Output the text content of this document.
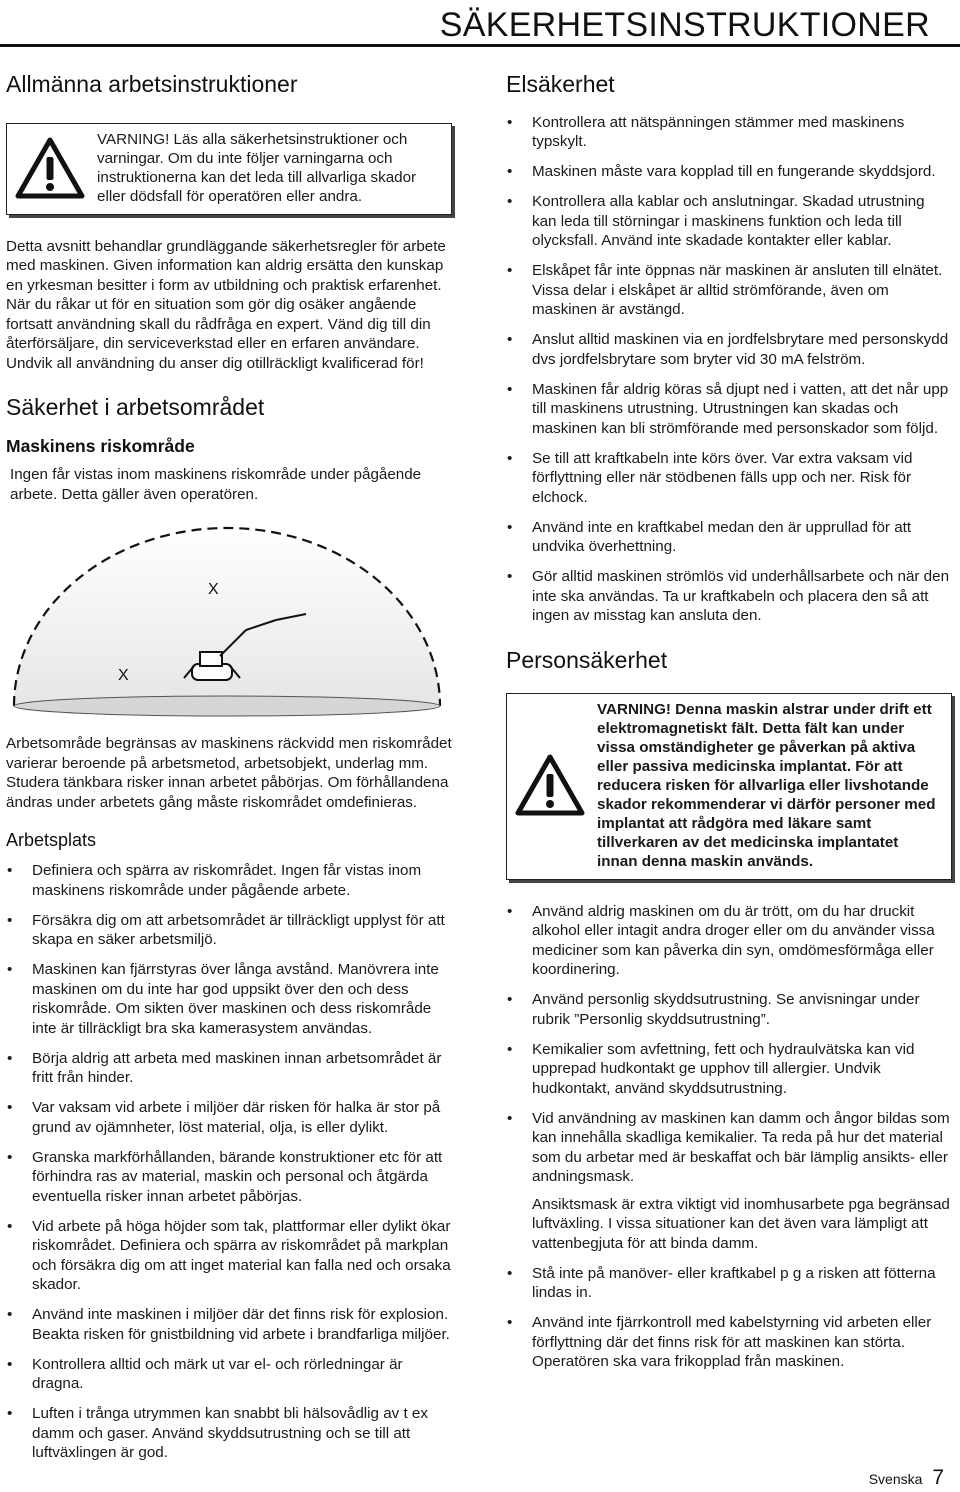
SÄKERHETSINSTRUKTIONER
Allmänna arbetsinstruktioner
VARNING! Läs alla säkerhetsinstruktioner och varningar. Om du inte följer varningarna och instruktionerna kan det leda till allvarliga skador eller dödsfall för operatören eller andra.

Detta avsnitt behandlar grundläggande säkerhetsregler för arbete med maskinen. Given information kan aldrig ersätta den kunskap en yrkesman besitter i form av utbildning och praktisk erfarenhet. När du råkar ut för en situation som gör dig osäker angående fortsatt användning skall du rådfråga en expert. Vänd dig till din återförsäljare, din serviceverkstad eller en erfaren användare. Undvik all användning du anser dig otillräckligt kvalificerad för!

Säkerhet i arbetsområdet
Maskinens riskområde

Ingen får vistas inom maskinens riskområde under pågående arbete. Detta gäller även operatören.

X
X

Arbetsområde begränsas av maskinens räckvidd men riskområdet varierar beroende på arbetsmetod, arbetsobjekt, underlag mm. Studera tänkbara risker innan arbetet påbörjas. Om förhållandena ändras under arbetets gång måste riskområdet omdefinieras.

Arbetsplats
• Definiera och spärra av riskområdet. Ingen får vistas inom maskinens riskområde under pågående arbete.
• Försäkra dig om att arbetsområdet är tillräckligt upplyst för att skapa en säker arbetsmiljö.
• Maskinen kan fjärrstyras över långa avstånd. Manövrera inte maskinen om du inte har god uppsikt över den och dess riskområde. Om sikten över maskinen och dess riskområde inte är tillräckligt bra ska kamerasystem användas.
• Börja aldrig att arbeta med maskinen innan arbetsområdet är fritt från hinder.
• Var vaksam vid arbete i miljöer där risken för halka är stor på grund av ojämnheter, löst material, olja, is eller dylikt.
• Granska markförhållanden, bärande konstruktioner etc för att förhindra ras av material, maskin och personal och åtgärda eventuella risker innan arbetet påbörjas.
• Vid arbete på höga höjder som tak, plattformar eller dylikt ökar riskområdet. Definiera och spärra av riskområdet på markplan och försäkra dig om att inget material kan falla ned och orsaka skador.
• Använd inte maskinen i miljöer där det finns risk för explosion. Beakta risken för gnistbildning vid arbete i brandfarliga miljöer.
• Kontrollera alltid och märk ut var el- och rörledningar är dragna.
• Luften i trånga utrymmen kan snabbt bli hälsovådlig av t ex damm och gaser. Använd skyddsutrustning och se till att luftväxlingen är god.
Elsäkerhet
• Kontrollera att nätspänningen stämmer med maskinens typskylt.
• Maskinen måste vara kopplad till en fungerande skyddsjord.
• Kontrollera alla kablar och anslutningar. Skadad utrustning kan leda till störningar i maskinens funktion och leda till olycksfall. Använd inte skadade kontakter eller kablar.
• Elskåpet får inte öppnas när maskinen är ansluten till elnätet. Vissa delar i elskåpet är alltid strömförande, även om maskinen är avstängd.
• Anslut alltid maskinen via en jordfelsbrytare med personskydd dvs jordfelsbrytare som bryter vid 30 mA felström.
• Maskinen får aldrig köras så djupt ned i vatten, att det når upp till maskinens utrustning. Utrustningen kan skadas och maskinen kan bli strömförande med personskador som följd.
• Se till att kraftkabeln inte körs över. Var extra vaksam vid förflyttning eller när stödbenen fälls upp och ner. Risk för elchock.
• Använd inte en kraftkabel medan den är upprullad för att undvika överhettning.
• Gör alltid maskinen strömlös vid underhållsarbete och när den inte ska användas. Ta ur kraftkabeln och placera den så att ingen av misstag kan ansluta den.
Personsäkerhet
VARNING! Denna maskin alstrar under drift ett elektromagnetiskt fält. Detta fält kan under vissa omständigheter ge påverkan på aktiva eller passiva medicinska implantat. För att reducera risken för allvarliga eller livshotande skador rekommenderar vi därför personer med implantat att rådgöra med läkare samt tillverkaren av det medicinska implantatet innan denna maskin används.
• Använd aldrig maskinen om du är trött, om du har druckit alkohol eller intagit andra droger eller om du använder vissa mediciner som kan påverka din syn, omdömesförmåga eller koordinering.
• Använd personlig skyddsutrustning. Se anvisningar under rubrik ”Personlig skyddsutrustning”.
• Kemikalier som avfettning, fett och hydraulvätska kan vid upprepad hudkontakt ge upphov till allergier. Undvik hudkontakt, använd skyddsutrustning.
• Vid användning av maskinen kan damm och ångor bildas som kan innehålla skadliga kemikalier. Ta reda på hur det material som du arbetar med är beskaffat och bär lämplig ansikts- eller andningsmask.
Ansiktsmask är extra viktigt vid inomhusarbete pga begränsad luftväxling. I vissa situationer kan det även vara lämpligt att vattenbegjuta för att binda damm.
• Stå inte på manöver- eller kraftkabel p g a risken att fötterna lindas in.
• Använd inte fjärrkontroll med kabelstyrning vid arbeten eller förflyttning där det finns risk för att maskinen kan störta. Operatören ska vara frikopplad från maskinen.
Svenska 7
